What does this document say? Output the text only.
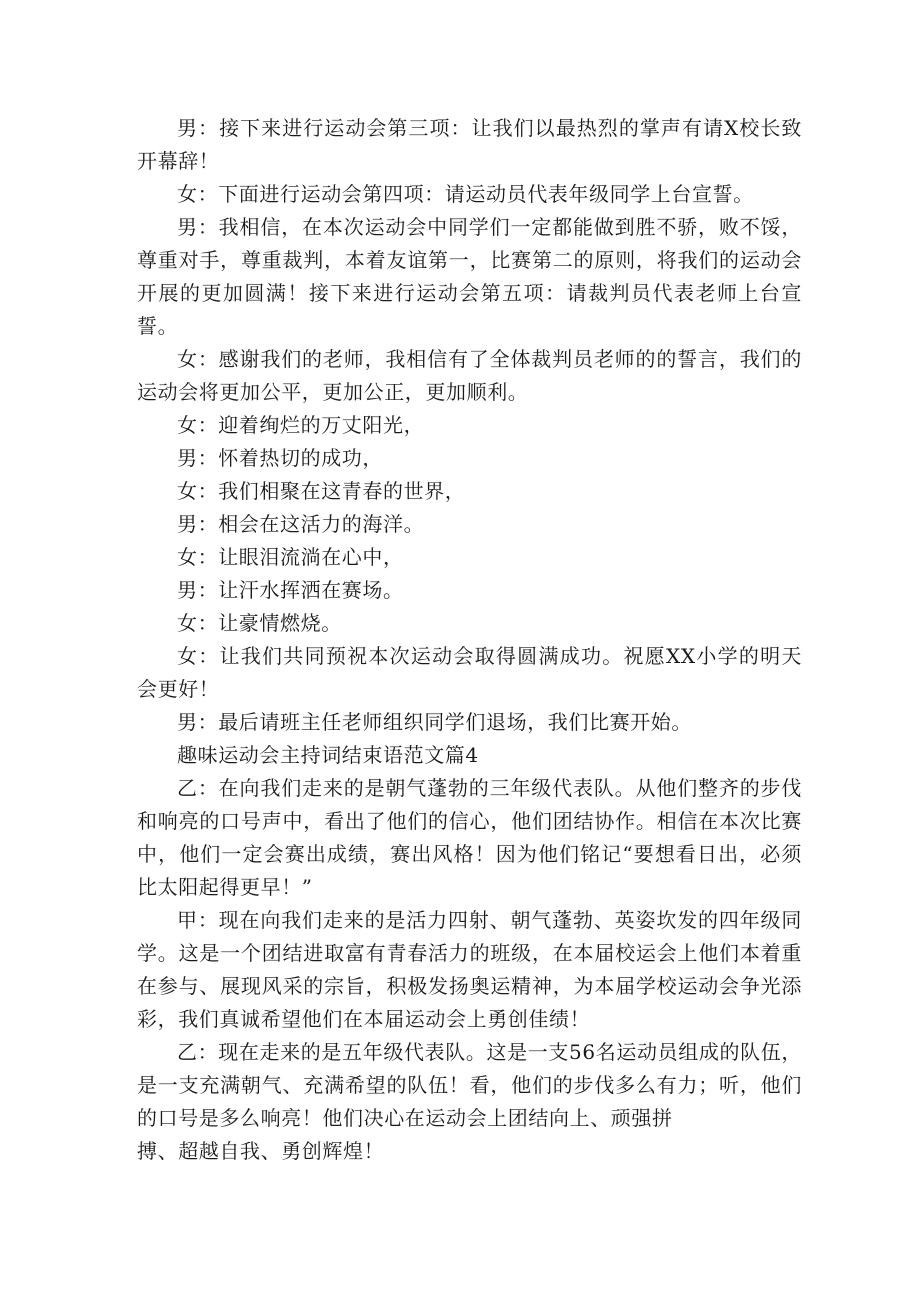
男：接下来进行运动会第三项：让我们以最热烈的掌声有请X校长致开幕辞！

女：下面进行运动会第四项：请运动员代表年级同学上台宣誓。

男：我相信，在本次运动会中同学们一定都能做到胜不骄，败不馁，尊重对手，尊重裁判，本着友谊第一，比赛第二的原则，将我们的运动会开展的更加圆满！接下来进行运动会第五项：请裁判员代表老师上台宣誓。

女：感谢我们的老师，我相信有了全体裁判员老师的的誓言，我们的运动会将更加公平，更加公正，更加顺利。

女：迎着绚烂的万丈阳光，

男：怀着热切的成功，

女：我们相聚在这青春的世界，

男：相会在这活力的海洋。

女：让眼泪流淌在心中，

男：让汗水挥洒在赛场。

女：让豪情燃烧。

女：让我们共同预祝本次运动会取得圆满成功。祝愿XX小学的明天会更好！

男：最后请班主任老师组织同学们退场，我们比赛开始。

趣味运动会主持词结束语范文篇4

乙：在向我们走来的是朝气蓬勃的三年级代表队。从他们整齐的步伐和响亮的口号声中，看出了他们的信心，他们团结协作。相信在本次比赛中，他们一定会赛出成绩，赛出风格！因为他们铭记“要想看日出，必须比太阳起得更早！”

甲：现在向我们走来的是活力四射、朝气蓬勃、英姿坎发的四年级同学。这是一个团结进取富有青春活力的班级，在本届校运会上他们本着重在参与、展现风采的宗旨，积极发扬奥运精神，为本届学校运动会争光添彩，我们真诚希望他们在本届运动会上勇创佳绩！

乙：现在走来的是五年级代表队。这是一支56名运动员组成的队伍，是一支充满朝气、充满希望的队伍！看，他们的步伐多么有力；听，他们的口号是多么响亮！他们决心在运动会上团结向上、顽强拼

搏、超越自我、勇创辉煌！
